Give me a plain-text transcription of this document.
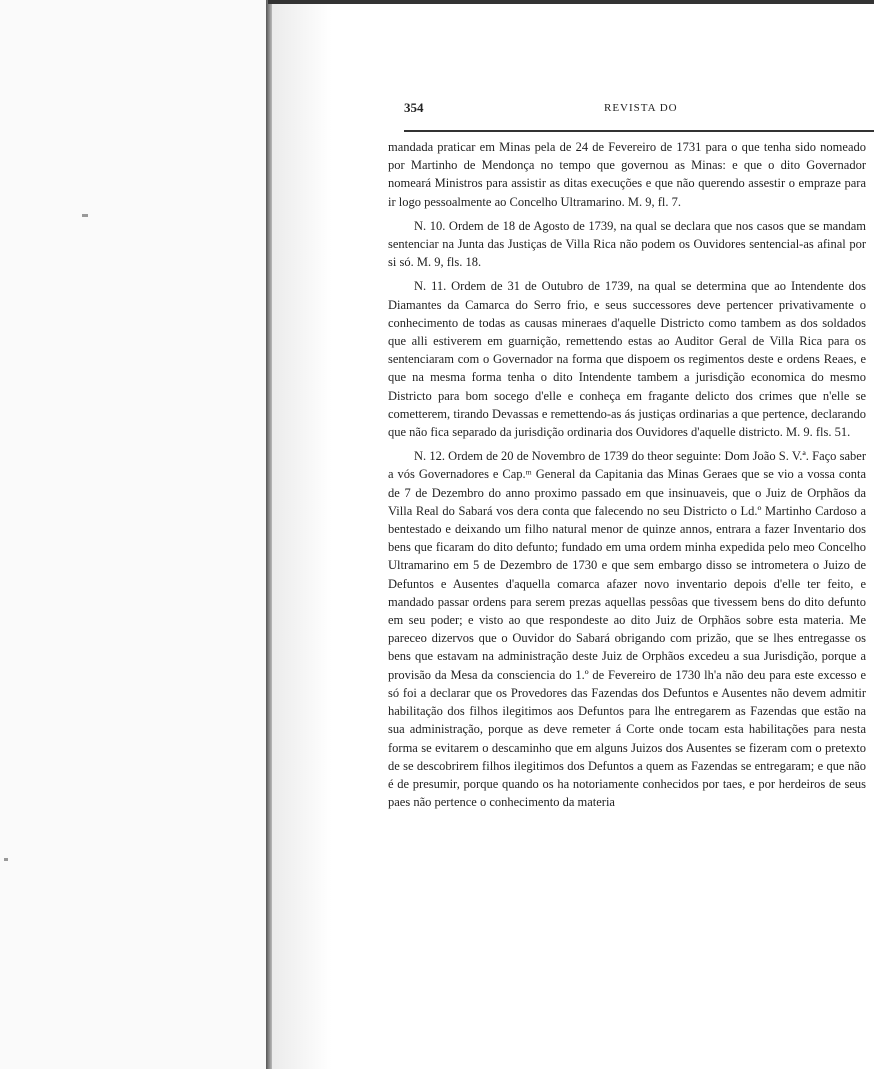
354	REVISTA DO

mandada praticar em Minas pela de 24 de Fevereiro de 1731 para o que tenha sido nomeado por Martinho de Mendonça no tempo que governou as Minas: e que o dito Governador nomeará Ministros para assistir as ditas execuções e que não querendo assestir o empraze para ir logo pessoalmente ao Concelho Ultramarino. M. 9, fl. 7.

N. 10. Ordem de 18 de Agosto de 1739, na qual se declara que nos casos que se mandam sentenciar na Junta das Justiças de Villa Rica não podem os Ouvidores sentencial-as afinal por si só. M. 9, fls. 18.

N. 11. Ordem de 31 de Outubro de 1739, na qual se determina que ao Intendente dos Diamantes da Camarca do Serro frio, e seus successores deve pertencer privativamente o conhecimento de todas as causas mineraes d'aquelle Districto como tambem as dos soldados que alli estiverem em guarnição, remettendo estas ao Auditor Geral de Villa Rica para os sentenciaram com o Governador na forma que dispoem os regimentos deste e ordens Reaes, e que na mesma forma tenha o dito Intendente tambem a jurisdição economica do mesmo Districto para bom socego d'elle e conheça em fragante delicto dos crimes que n'elle se cometterem, tirando Devassas e remettendo-as ás justiças ordinarias a que pertence, declarando que não fica separado da jurisdição ordinaria dos Ouvidores d'aquelle districto. M. 9. fls. 51.

N. 12. Ordem de 20 de Novembro de 1739 do theor seguinte: Dom João S. V.ª. Faço saber a vós Governadores e Cap.ᵐ General da Capitania das Minas Geraes que se vio a vossa conta de 7 de Dezembro do anno proximo passado em que insinuaveis, que o Juiz de Orphãos da Villa Real do Sabará vos dera conta que falecendo no seu Districto o Ld.º Martinho Cardoso a bentestado e deixando um filho natural menor de quinze annos, entrara a fazer Inventario dos bens que ficaram do dito defunto; fundado em uma ordem minha expedida pelo meo Concelho Ultramarino em 5 de Dezembro de 1730 e que sem embargo disso se intrometera o Juizo de Defuntos e Ausentes d'aquella comarca afazer novo inventario depois d'elle ter feito, e mandado passar ordens para serem prezas aquellas pessôas que tivessem bens do dito defunto em seu poder; e visto ao que respondeste ao dito Juiz de Orphãos sobre esta materia. Me pareceo dizervos que o Ouvidor do Sabará obrigando com prizão, que se lhes entregasse os bens que estavam na administração deste Juiz de Orphãos excedeu a sua Jurisdição, porque a provisão da Mesa da consciencia do 1.º de Fevereiro de 1730 lh'a não deu para este excesso e só foi a declarar que os Provedores das Fazendas dos Defuntos e Ausentes não devem admitir habilitação dos filhos ilegitimos aos Defuntos para lhe entregarem as Fazendas que estão na sua administração, porque as deve remeter á Corte onde tocam esta habilitações para nesta forma se evitarem o descaminho que em alguns Juizos dos Ausentes se fizeram com o pretexto de se descobrirem filhos ilegitimos dos Defuntos a quem as Fazendas se entregaram; e que não é de presumir, porque quando os ha notoriamente conhecidos por taes, e por herdeiros de seus paes não pertence o conhecimento da materia
